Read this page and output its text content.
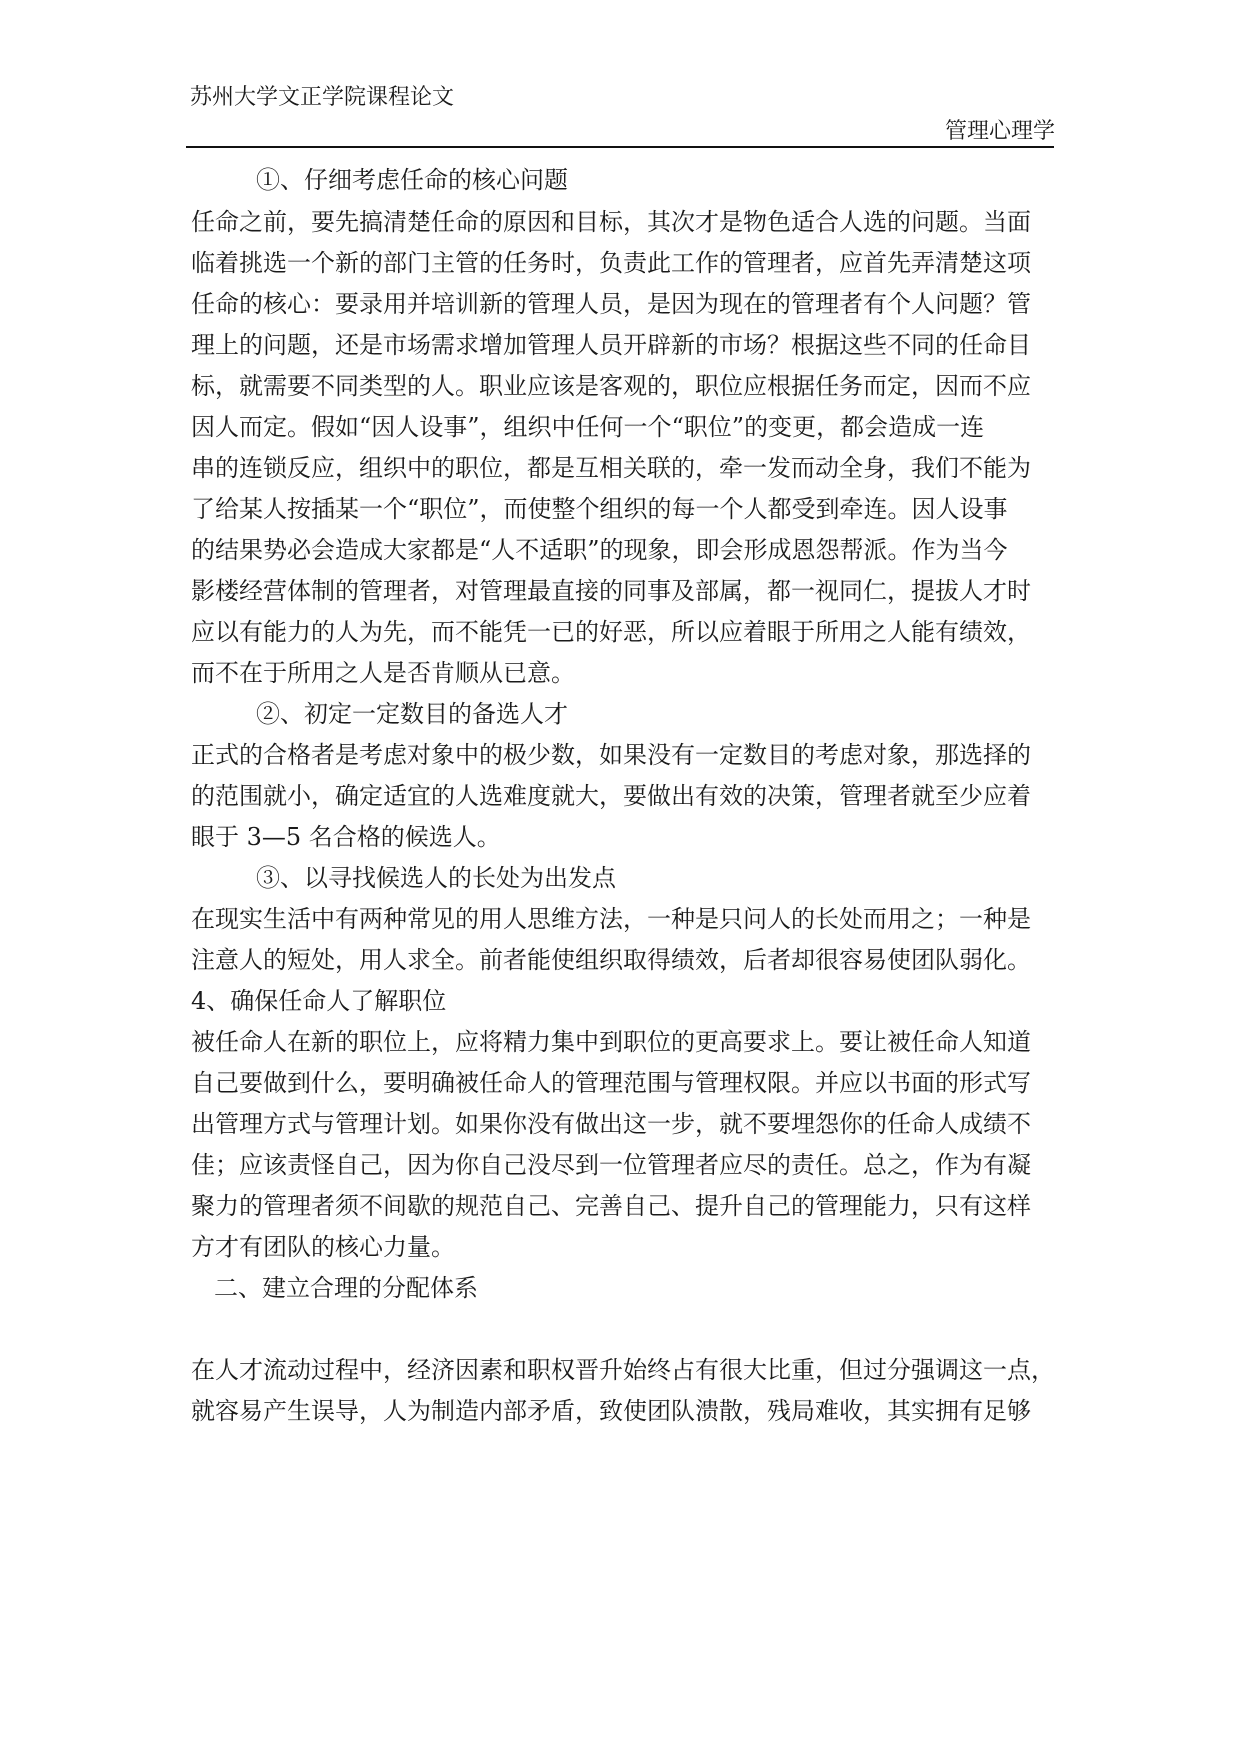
苏州大学文正学院课程论文
管理心理学
①、仔细考虑任命的核心问题
任命之前，要先搞清楚任命的原因和目标，其次才是物色适合人选的问题。当面
临着挑选一个新的部门主管的任务时，负责此工作的管理者，应首先弄清楚这项
任命的核心：要录用并培训新的管理人员，是因为现在的管理者有个人问题？管
理上的问题，还是市场需求增加管理人员开辟新的市场？根据这些不同的任命目
标，就需要不同类型的人。职业应该是客观的，职位应根据任务而定，因而不应
因人而定。假如“因人设事”，组织中任何一个“职位”的变更，都会造成一连
串的连锁反应，组织中的职位，都是互相关联的，牵一发而动全身，我们不能为
了给某人按插某一个“职位”，而使整个组织的每一个人都受到牵连。因人设事
的结果势必会造成大家都是“人不适职”的现象，即会形成恩怨帮派。作为当今
影楼经营体制的管理者，对管理最直接的同事及部属，都一视同仁，提拔人才时
应以有能力的人为先，而不能凭一已的好恶，所以应着眼于所用之人能有绩效，
而不在于所用之人是否肯顺从已意。
②、初定一定数目的备选人才
正式的合格者是考虑对象中的极少数，如果没有一定数目的考虑对象，那选择的
的范围就小，确定适宜的人选难度就大，要做出有效的决策，管理者就至少应着
眼于 3—5 名合格的候选人。
③、以寻找候选人的长处为出发点
在现实生活中有两种常见的用人思维方法，一种是只问人的长处而用之；一种是
注意人的短处，用人求全。前者能使组织取得绩效，后者却很容易使团队弱化。
4、确保任命人了解职位
被任命人在新的职位上，应将精力集中到职位的更高要求上。要让被任命人知道
自己要做到什么，要明确被任命人的管理范围与管理权限。并应以书面的形式写
出管理方式与管理计划。如果你没有做出这一步，就不要埋怨你的任命人成绩不
佳；应该责怪自己，因为你自己没尽到一位管理者应尽的责任。总之，作为有凝
聚力的管理者须不间歇的规范自己、完善自己、提升自己的管理能力，只有这样
方才有团队的核心力量。
二、建立合理的分配体系
在人才流动过程中，经济因素和职权晋升始终占有很大比重，但过分强调这一点，
就容易产生误导，人为制造内部矛盾，致使团队溃散，残局难收，其实拥有足够
